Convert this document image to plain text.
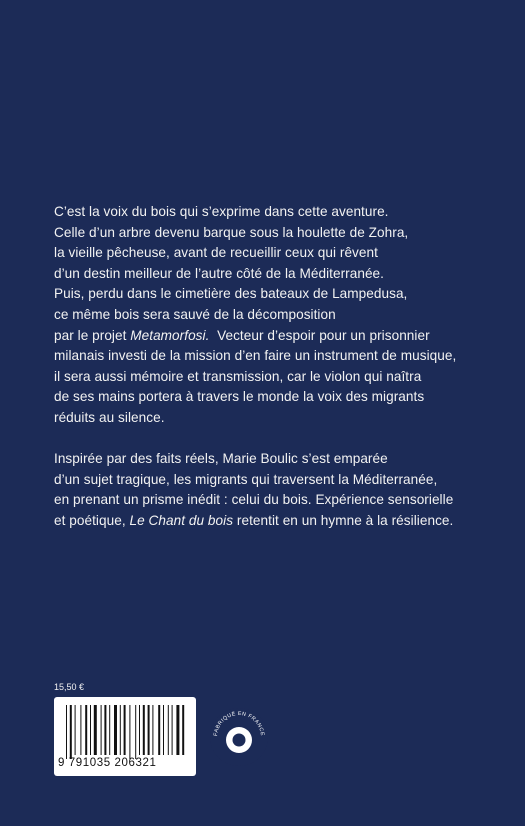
C’est la voix du bois qui s’exprime dans cette aventure.
Celle d’un arbre devenu barque sous la houlette de Zohra,
la vieille pêcheuse, avant de recueillir ceux qui rêvent
d’un destin meilleur de l’autre côté de la Méditerranée.
Puis, perdu dans le cimetière des bateaux de Lampedusa,
ce même bois sera sauvé de la décomposition
par le projet Metamorfosi.  Vecteur d’espoir pour un prisonnier
milanais investi de la mission d’en faire un instrument de musique,
il sera aussi mémoire et transmission, car le violon qui naîtra
de ses mains portera à travers le monde la voix des migrants
réduits au silence.
Inspirée par des faits réels, Marie Boulic s’est emparée
d’un sujet tragique, les migrants qui traversent la Méditerranée,
en prenant un prisme inédit : celui du bois. Expérience sensorielle
et poétique, Le Chant du bois retentit en un hymne à la résilience.
15,50 €
9 791035 206321
FABRIQUÉ EN FRANCE
